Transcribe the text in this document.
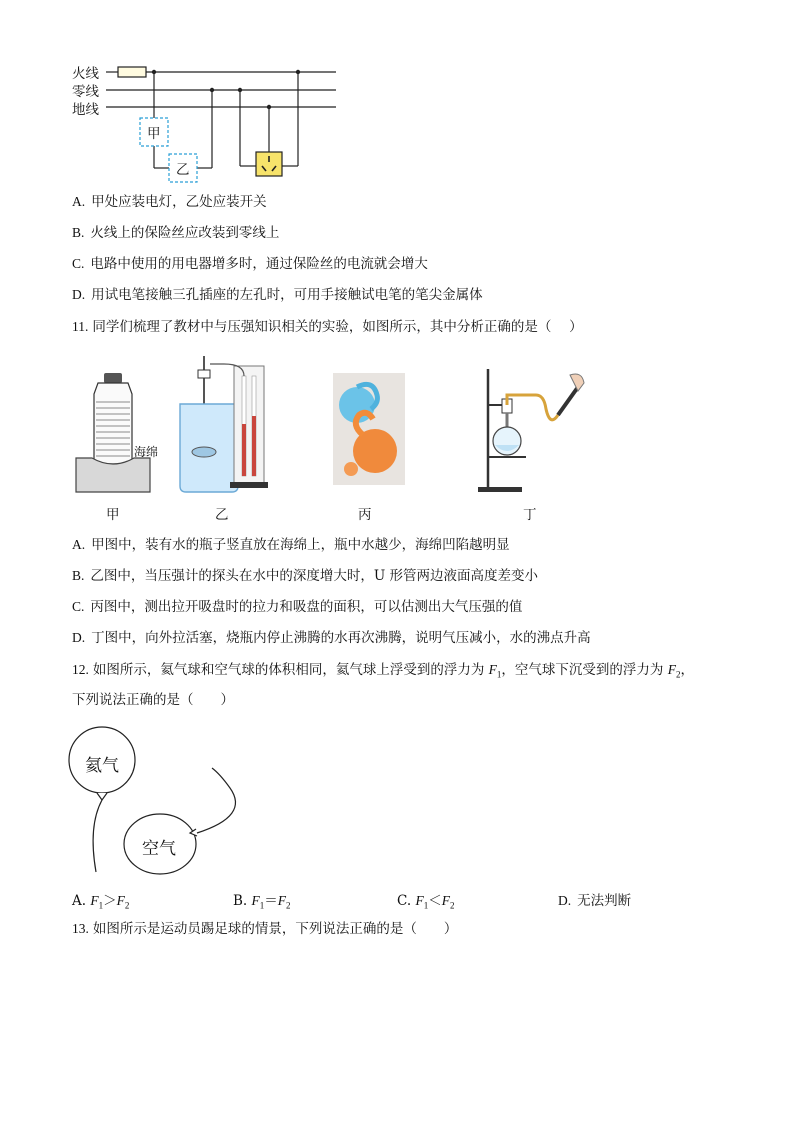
火线
零线
地线
甲
乙
A. 甲处应装电灯，乙处应装开关
B. 火线上的保险丝应改装到零线上
C. 电路中使用的用电器增多时，通过保险丝的电流就会增大
D. 用试电笔接触三孔插座的左孔时，可用手接触试电笔的笔尖金属体
11. 同学们梳理了教材中与压强知识相关的实验，如图所示，其中分析正确的是（　 ）
海绵
甲	乙	丙	丁
A. 甲图中，装有水的瓶子竖直放在海绵上，瓶中水越少，海绵凹陷越明显
B. 乙图中，当压强计的探头在水中的深度增大时，U 形管两边液面高度差变小
C. 丙图中，测出拉开吸盘时的拉力和吸盘的面积，可以估测出大气压强的值
D. 丁图中，向外拉活塞，烧瓶内停止沸腾的水再次沸腾，说明气压减小，水的沸点升高
12. 如图所示，氦气球和空气球的体积相同，氦气球上浮受到的浮力为 $F_1$，空气球下沉受到的浮力为 $F_2$，
下列说法正确的是（　　）
氦气
空气
A. $F_1>F_2$	B. $F_1=F_2$	C. $F_1<F_2$	D. 无法判断
13. 如图所示是运动员踢足球的情景，下列说法正确的是（　　）
